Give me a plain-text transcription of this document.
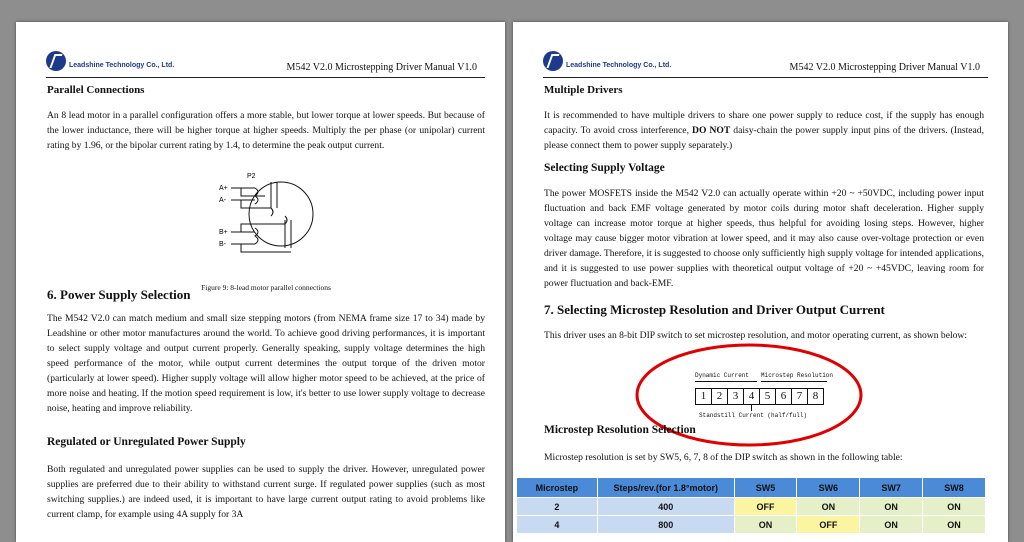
Leadshine Technology Co., Ltd.	M542 V2.0 Microstepping Driver Manual V1.0
Parallel Connections
An 8 lead motor in a parallel configuration offers a more stable, but lower torque at lower speeds. But because of the lower inductance, there will be higher torque at higher speeds. Multiply the per phase (or unipolar) current rating by 1.96, or the bipolar current rating by 1.4, to determine the peak output current.
P2
A+
A-
B+
B-
Figure 9: 8-lead motor parallel connections
6. Power Supply Selection
The M542 V2.0 can match medium and small size stepping motors (from NEMA frame size 17 to 34) made by Leadshine or other motor manufactures around the world. To achieve good driving performances, it is important to select supply voltage and output current properly. Generally speaking, supply voltage determines the high speed performance of the motor, while output current determines the output torque of the driven motor (particularly at lower speed). Higher supply voltage will allow higher motor speed to be achieved, at the price of more noise and heating. If the motion speed requirement is low, it's better to use lower supply voltage to decrease noise, heating and improve reliability.
Regulated or Unregulated Power Supply
Both regulated and unregulated power supplies can be used to supply the driver. However, unregulated power supplies are preferred due to their ability to withstand current surge. If regulated power supplies (such as most switching supplies.) are indeed used, it is important to have large current output rating to avoid problems like current clamp, for example using 4A supply for 3A
Leadshine Technology Co., Ltd.	M542 V2.0 Microstepping Driver Manual V1.0
Multiple Drivers
It is recommended to have multiple drivers to share one power supply to reduce cost, if the supply has enough capacity. To avoid cross interference, DO NOT daisy-chain the power supply input pins of the drivers. (Instead, please connect them to power supply separately.)
Selecting Supply Voltage
The power MOSFETS inside the M542 V2.0 can actually operate within +20 ~ +50VDC, including power input fluctuation and back EMF voltage generated by motor coils during motor shaft deceleration. Higher supply voltage can increase motor torque at higher speeds, thus helpful for avoiding losing steps. However, higher voltage may cause bigger motor vibration at lower speed, and it may also cause over-voltage protection or even driver damage. Therefore, it is suggested to choose only sufficiently high supply voltage for intended applications, and it is suggested to use power supplies with theoretical output voltage of +20 ~ +45VDC, leaving room for power fluctuation and back-EMF.
7. Selecting Microstep Resolution and Driver Output Current
This driver uses an 8-bit DIP switch to set microstep resolution, and motor operating current, as shown below:
Dynamic Current Microstep Resolution
1 2 3 4 5 6 7 8
Standstill Current (half/full)
Microstep Resolution Selection
Microstep resolution is set by SW5, 6, 7, 8 of the DIP switch as shown in the following table:
Microstep	Steps/rev.(for 1.8°motor)	SW5	SW6	SW7	SW8
2	400	OFF	ON	ON	ON
4	800	ON	OFF	ON	ON
